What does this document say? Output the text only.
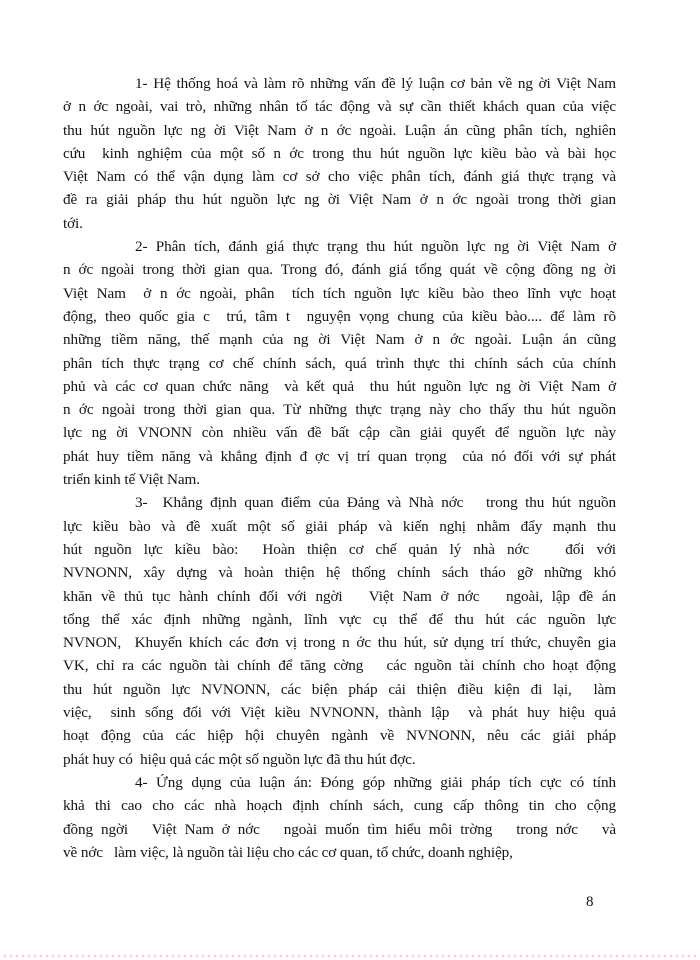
1- Hệ thống hoá và làm rõ những vấn đề lý luận cơ bản về ng ời Việt Nam
ở n ớc ngoài, vai trò, những nhân tố tác động và sự cần thiết khách quan của việc
thu hút nguồn lực ng ời Việt Nam ở n ớc ngoài. Luận án cũng phân tích, nghiên
cứu  kinh nghiệm của một số n ớc trong thu hút nguồn lực kiều bào và bài học
Việt Nam có thể vận dụng làm cơ sở cho việc phân tích, đánh giá thực trạng và
đề ra giải pháp thu hút nguồn lực ng ời Việt Nam ở n ớc ngoài trong thời gian
tới.
2- Phân tích, đánh giá thực trạng thu hút nguồn lực ng ời Việt Nam ở
n ớc ngoài trong thời gian qua. Trong đó, đánh giá tổng quát về cộng đồng ng ời
Việt Nam  ở n ớc ngoài, phân  tích tích nguồn lực kiều bào theo lĩnh vực hoạt
động, theo quốc gia c  trú, tâm t  nguyện vọng chung của kiều bào.... để làm rõ
những tiềm năng, thế mạnh của ng ời Việt Nam ở n ớc ngoài. Luận án cũng
phân tích thực trạng cơ chế chính sách, quá trình thực thi chính sách của chính
phủ và các cơ quan chức năng  và kết quả  thu hút nguồn lực ng ời Việt Nam ở
n ớc ngoài trong thời gian qua. Từ những thực trạng này cho thấy thu hút nguồn
lực ng ời VNONN còn nhiều vấn đề bất cập cần giải quyết để nguồn lực này
phát huy tiềm năng và khẳng định đ ợc vị trí quan trọng  của nó đối với sự phát
triển kinh tế Việt Nam.
3-  Khẳng định quan điểm của Đảng và Nhà nớc   trong thu hút nguồn
lực kiều bào và đề xuất một số giải pháp và kiến nghị nhằm đẩy mạnh thu
hút nguồn lực kiều bào:  Hoàn thiện cơ chế quản lý nhà nớc   đối với
NVNONN, xây dựng và hoàn thiện hệ thống chính sách tháo gỡ những khó
khăn về thủ tục hành chính đối với ngời   Việt Nam ở nớc   ngoài, lập đề án
tổng thể xác định những ngành, lĩnh vực cụ thể để thu hút các nguồn lực
NVNON,  Khuyến khích các đơn vị trong n ớc thu hút, sử dụng trí thức, chuyên gia
VK, chỉ ra các nguồn tài chính để tăng cờng   các nguồn tài chính cho hoạt động
thu hút nguồn lực NVNONN, các biện pháp cải thiện điều kiện đi lại,  làm
việc,  sinh sống đối với Việt kiều NVNONN, thành lập  và phát huy hiệu quả
hoạt động của các hiệp hội chuyên ngành về NVNONN, nêu các giải pháp
phát huy có  hiệu quả các một số nguồn lực đã thu hút đợc.
4- Ứng dụng của luận án: Đóng góp những giải pháp tích cực có tính
khả thi cao cho các nhà hoạch định chính sách, cung cấp thông tin cho cộng
đồng ngời   Việt Nam ở nớc   ngoài muốn tìm hiểu môi trờng   trong nớc   và
về nớc   làm việc, là nguồn tài liệu cho các cơ quan, tổ chức, doanh nghiệp,
8
